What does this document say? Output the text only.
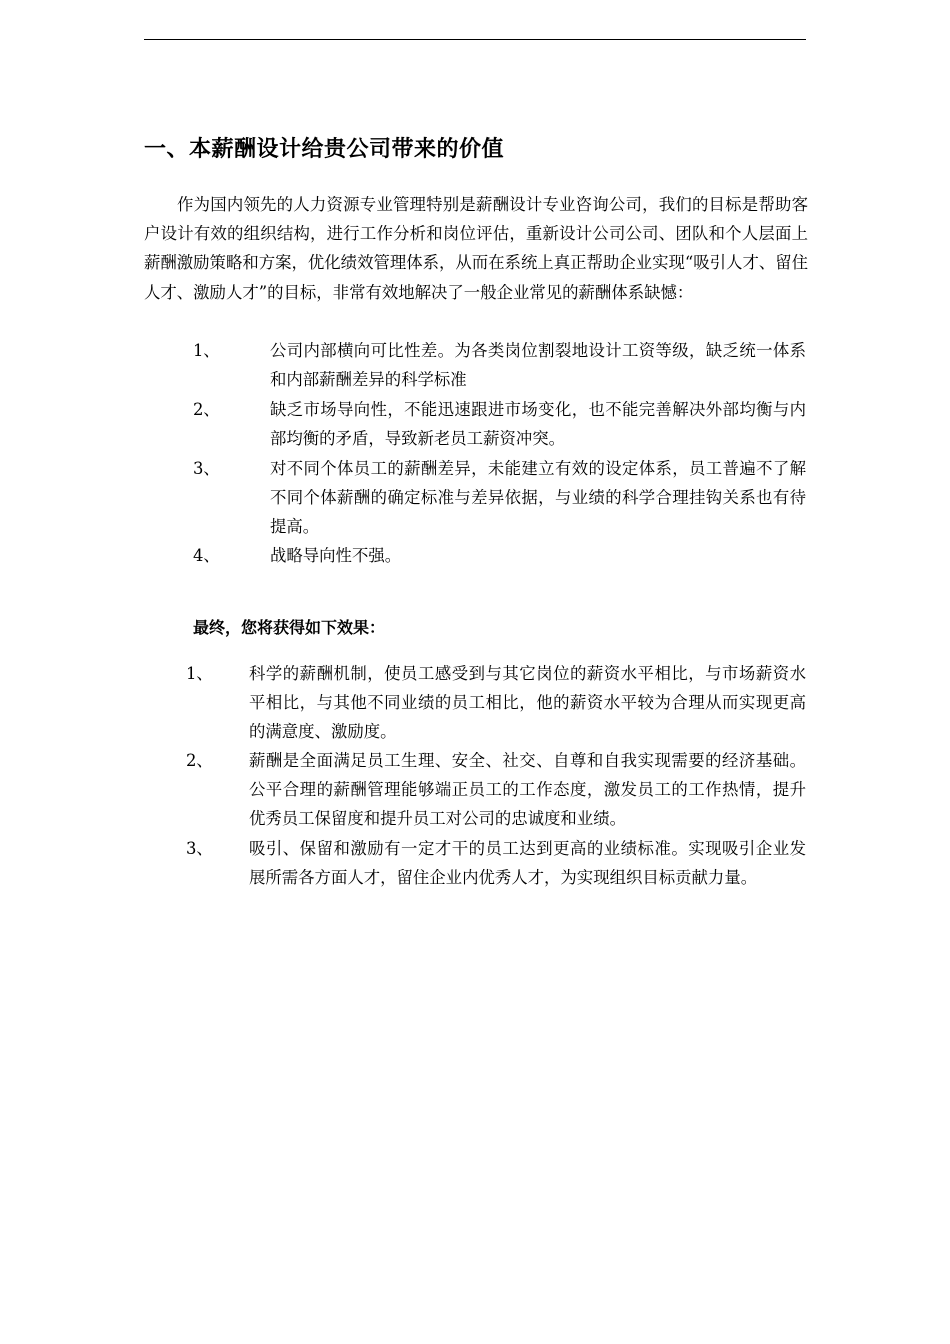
一、本薪酬设计给贵公司带来的价值

作为国内领先的人力资源专业管理特别是薪酬设计专业咨询公司，我们的目标是帮助客户设计有效的组织结构，进行工作分析和岗位评估，重新设计公司公司、团队和个人层面上薪酬激励策略和方案，优化绩效管理体系，从而在系统上真正帮助企业实现“吸引人才、留住人才、激励人才”的目标，非常有效地解决了一般企业常见的薪酬体系缺憾：

1、	公司内部横向可比性差。为各类岗位割裂地设计工资等级，缺乏统一体系和内部薪酬差异的科学标准
2、	缺乏市场导向性，不能迅速跟进市场变化，也不能完善解决外部均衡与内部均衡的矛盾，导致新老员工薪资冲突。
3、	对不同个体员工的薪酬差异，未能建立有效的设定体系，员工普遍不了解不同个体薪酬的确定标准与差异依据，与业绩的科学合理挂钩关系也有待提高。
4、	战略导向性不强。
最终，您将获得如下效果：
1、 科学的薪酬机制，使员工感受到与其它岗位的薪资水平相比，与市场薪资水平相比，与其他不同业绩的员工相比，他的薪资水平较为合理从而实现更高的满意度、激励度。
2、 薪酬是全面满足员工生理、安全、社交、自尊和自我实现需要的经济基础。公平合理的薪酬管理能够端正员工的工作态度，激发员工的工作热情，提升优秀员工保留度和提升员工对公司的忠诚度和业绩。
3、 吸引、保留和激励有一定才干的员工达到更高的业绩标准。实现吸引企业发展所需各方面人才，留住企业内优秀人才，为实现组织目标贡献力量。
